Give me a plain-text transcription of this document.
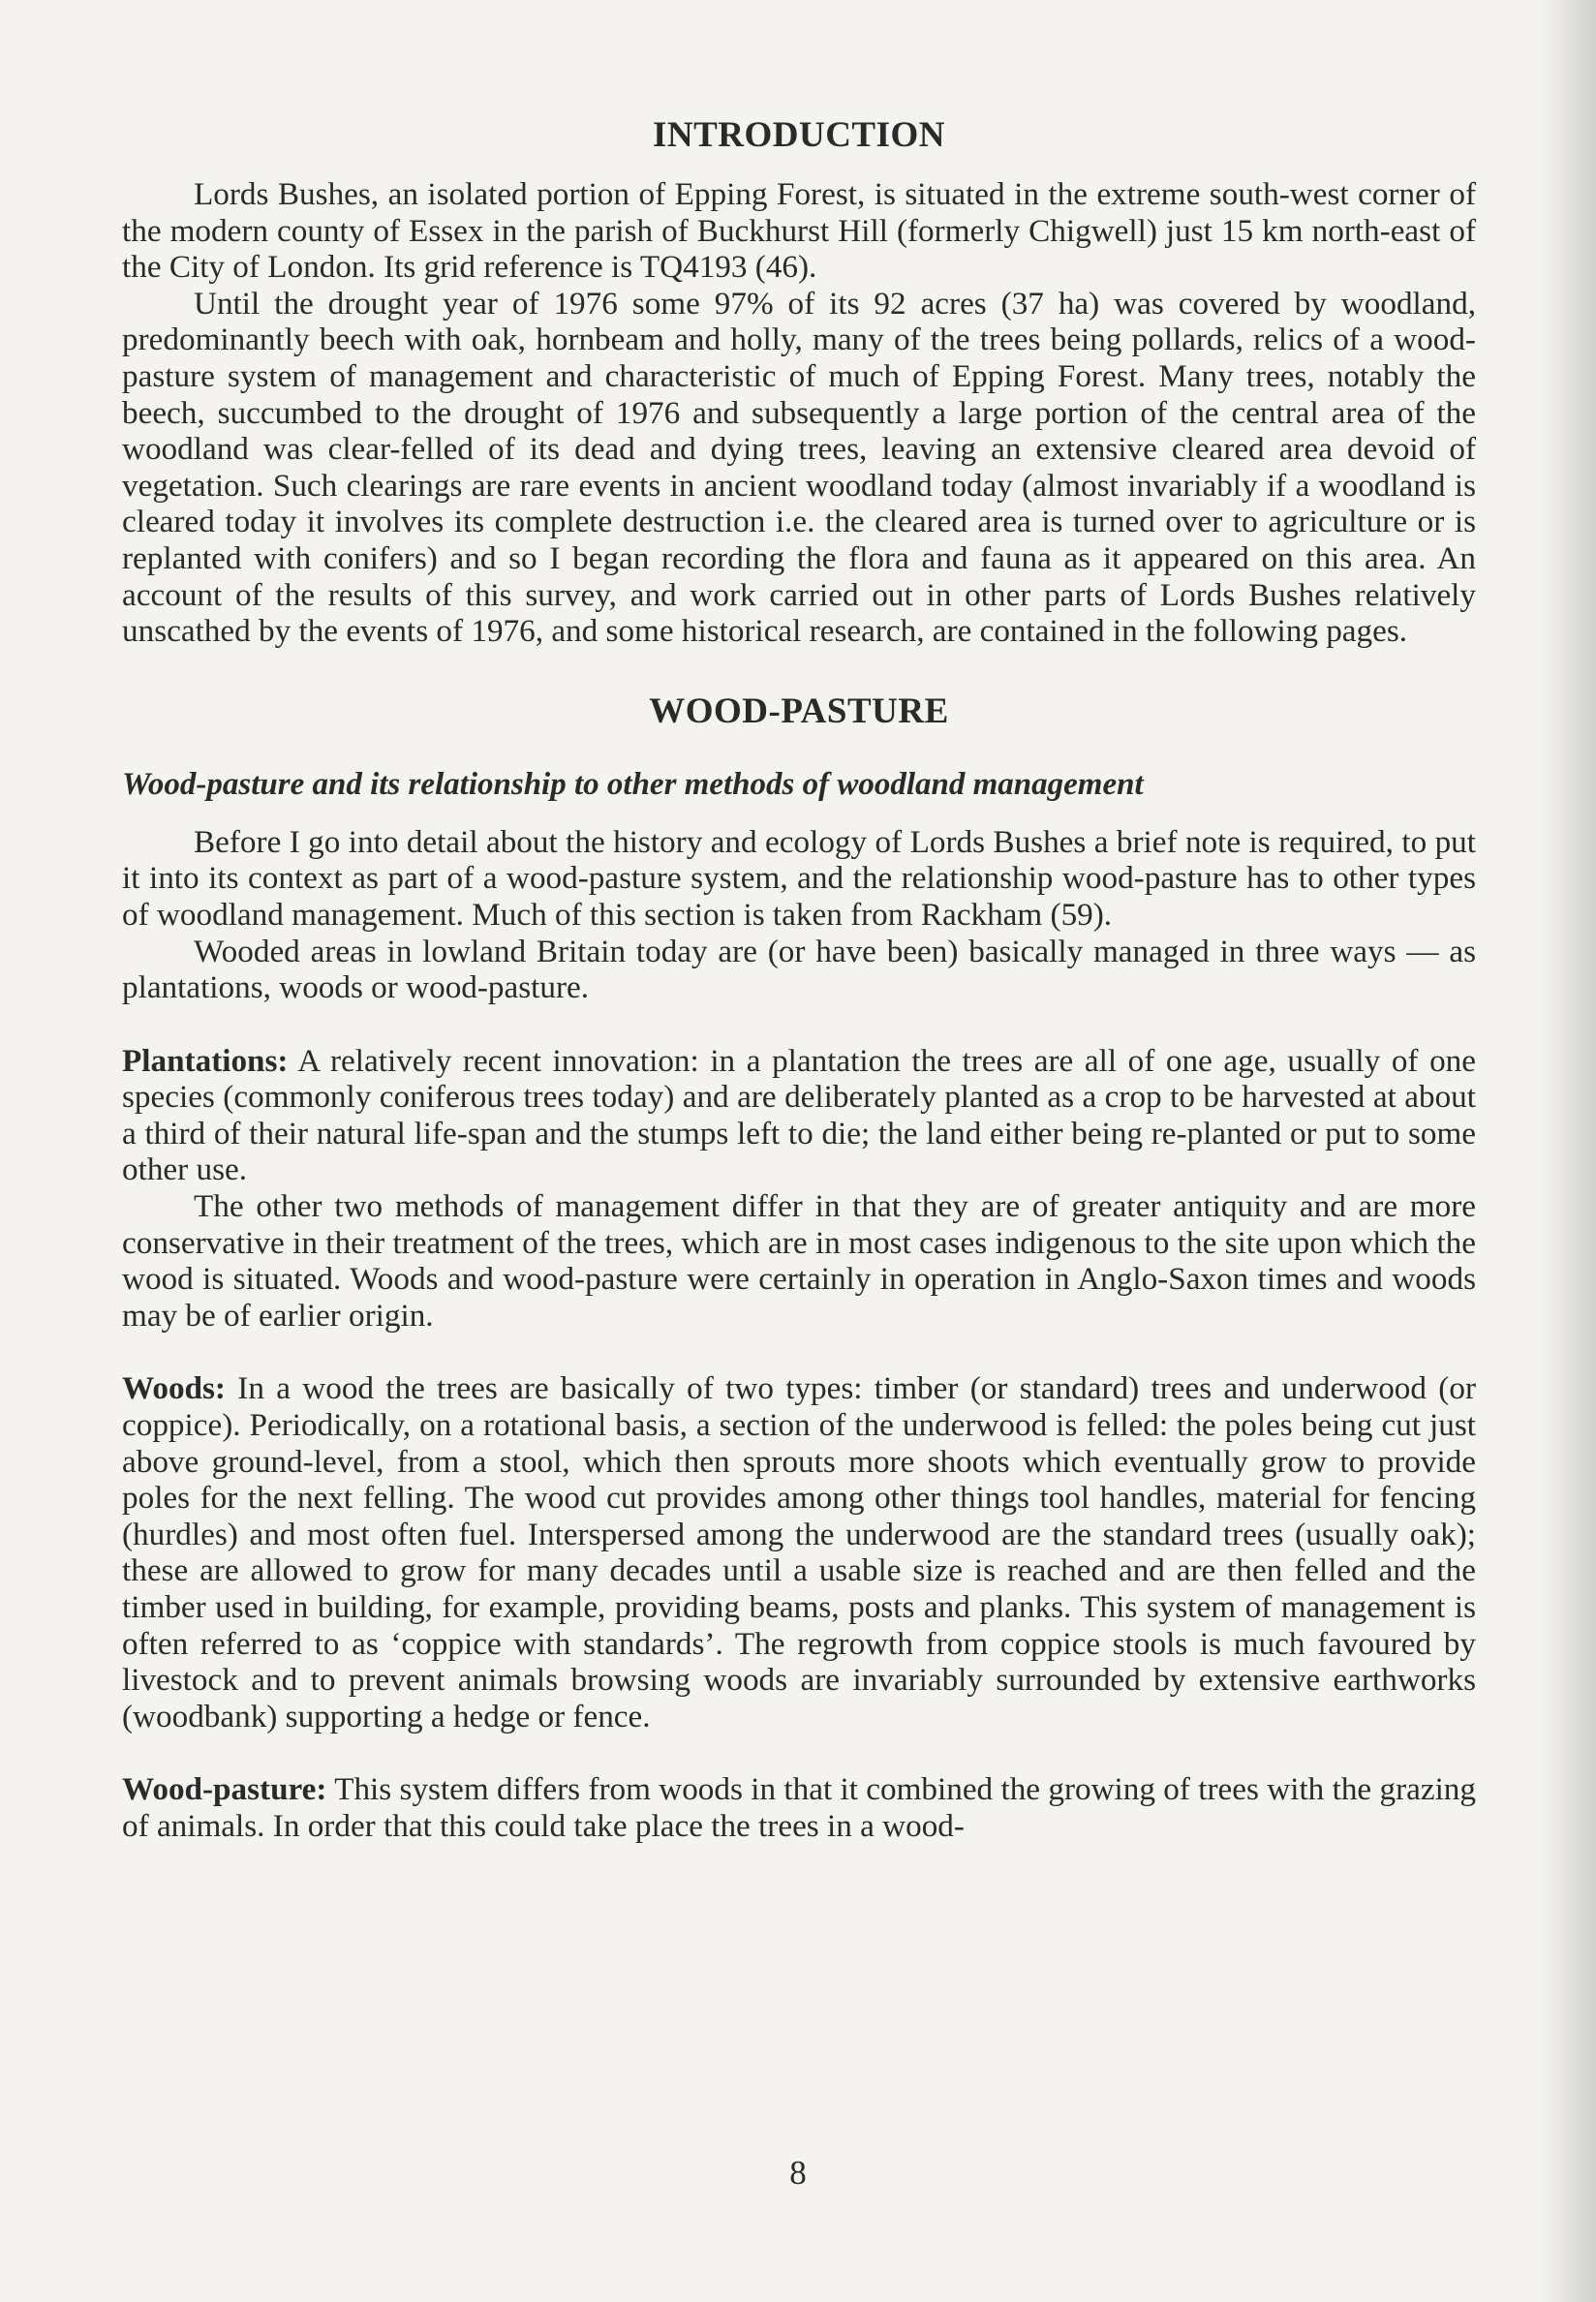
INTRODUCTION

Lords Bushes, an isolated portion of Epping Forest, is situated in the extreme south-west corner of the modern county of Essex in the parish of Buckhurst Hill (formerly Chigwell) just 15 km north-east of the City of London. Its grid reference is TQ4193 (46).

Until the drought year of 1976 some 97% of its 92 acres (37 ha) was covered by woodland, predominantly beech with oak, hornbeam and holly, many of the trees being pollards, relics of a wood-pasture system of management and characteristic of much of Epping Forest. Many trees, notably the beech, succumbed to the drought of 1976 and subsequently a large portion of the central area of the woodland was clear-felled of its dead and dying trees, leaving an extensive cleared area devoid of vegetation. Such clearings are rare events in ancient woodland today (almost invariably if a woodland is cleared today it involves its complete destruction i.e. the cleared area is turned over to agriculture or is replanted with conifers) and so I began recording the flora and fauna as it appeared on this area. An account of the results of this survey, and work carried out in other parts of Lords Bushes relatively unscathed by the events of 1976, and some historical research, are contained in the following pages.

WOOD-PASTURE
Wood-pasture and its relationship to other methods of woodland management

Before I go into detail about the history and ecology of Lords Bushes a brief note is required, to put it into its context as part of a wood-pasture system, and the relationship wood-pasture has to other types of woodland management. Much of this section is taken from Rackham (59).

Wooded areas in lowland Britain today are (or have been) basically managed in three ways — as plantations, woods or wood-pasture.

Plantations: A relatively recent innovation: in a plantation the trees are all of one age, usually of one species (commonly coniferous trees today) and are deliberately planted as a crop to be harvested at about a third of their natural life-span and the stumps left to die; the land either being re-planted or put to some other use.

The other two methods of management differ in that they are of greater antiquity and are more conservative in their treatment of the trees, which are in most cases indigenous to the site upon which the wood is situated. Woods and wood-pasture were certainly in operation in Anglo-Saxon times and woods may be of earlier origin.

Woods: In a wood the trees are basically of two types: timber (or standard) trees and underwood (or coppice). Periodically, on a rotational basis, a section of the underwood is felled: the poles being cut just above ground-level, from a stool, which then sprouts more shoots which eventually grow to provide poles for the next felling. The wood cut provides among other things tool handles, material for fencing (hurdles) and most often fuel. Interspersed among the underwood are the standard trees (usually oak); these are allowed to grow for many decades until a usable size is reached and are then felled and the timber used in building, for example, providing beams, posts and planks. This system of management is often referred to as ‘coppice with standards’. The regrowth from coppice stools is much favoured by livestock and to prevent animals browsing woods are invariably surrounded by extensive earthworks (woodbank) supporting a hedge or fence.

Wood-pasture: This system differs from woods in that it combined the growing of trees with the grazing of animals. In order that this could take place the trees in a wood-

8
